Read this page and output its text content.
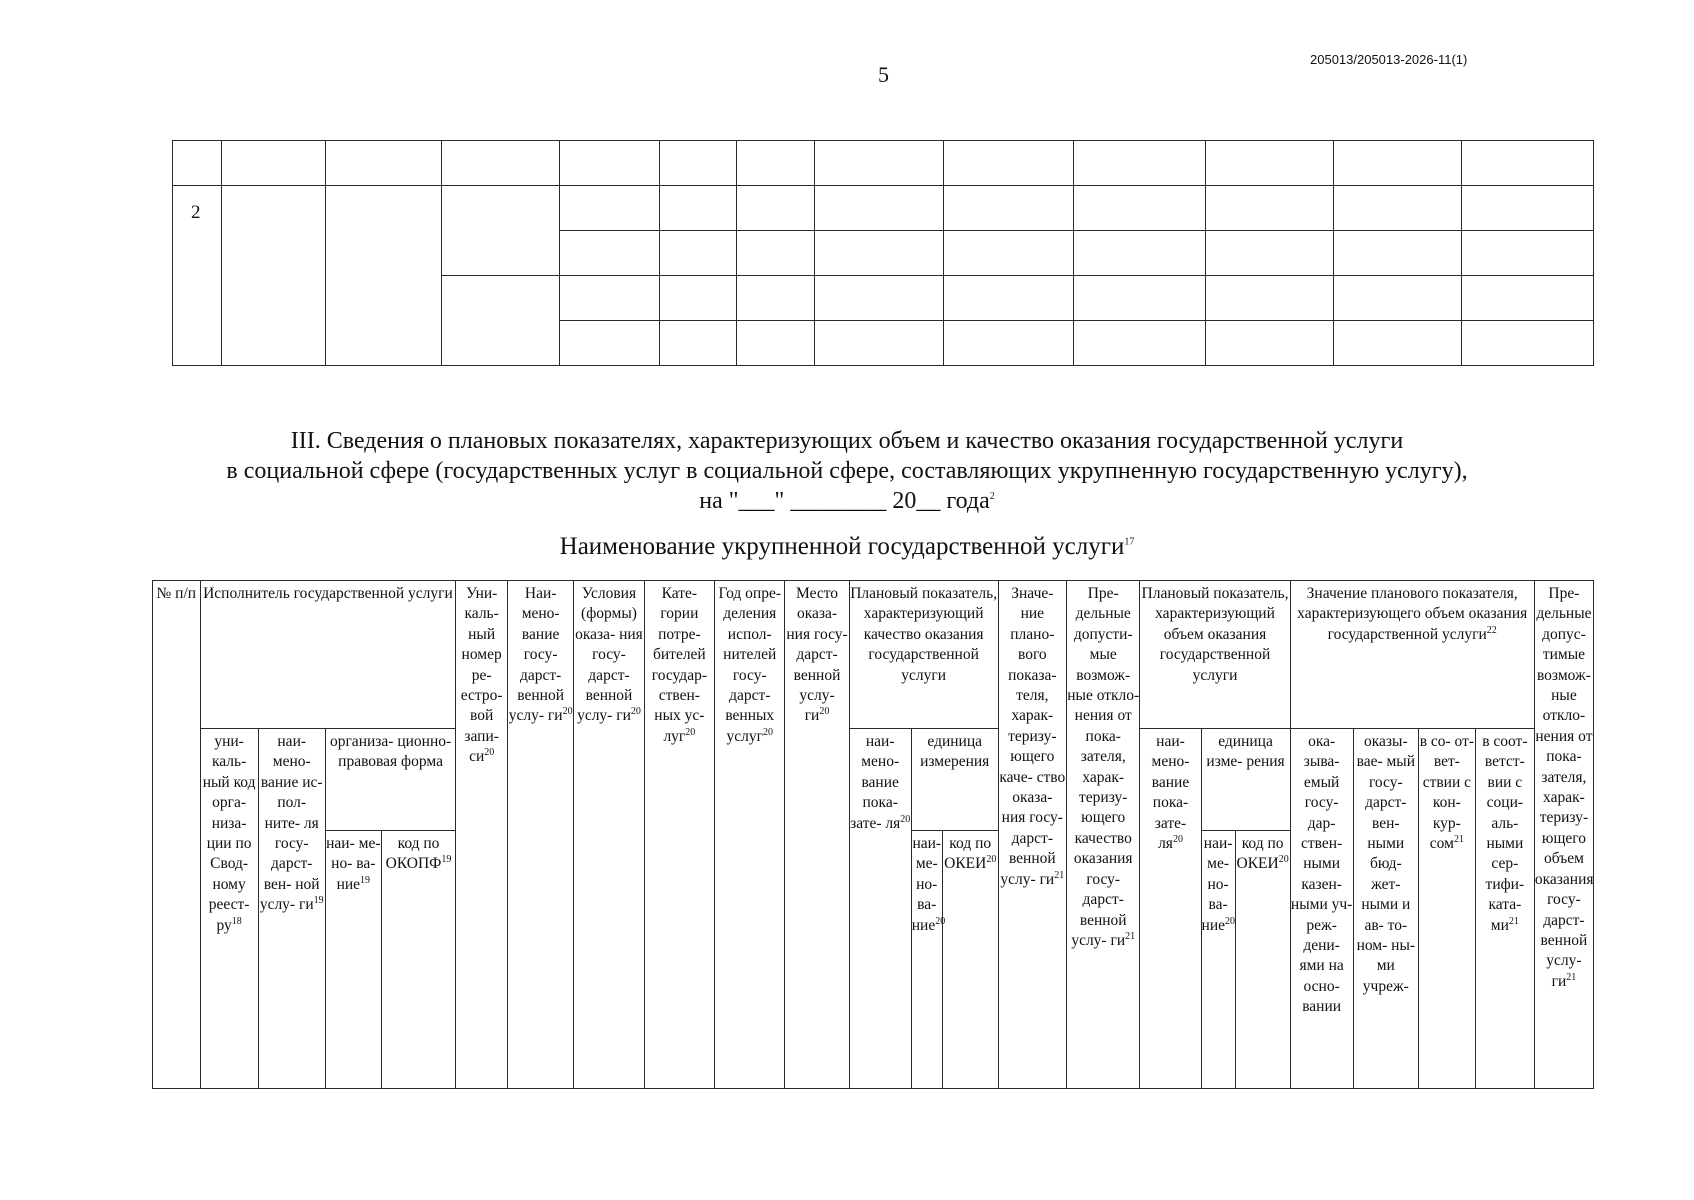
205013/205013-2026-11(1)
5

2												

III. Сведения о плановых показателях, характеризующих объем и качество оказания государственной услуги
в социальной сфере (государственных услуг в социальной сфере, составляющих укрупненную государственную услугу),
на "___" ________ 20__ года$^2$
Наименование укрупненной государственной услуги$^{17}$
№ п/п	Исполнитель государственной услуги				Уни- каль- ный номер ре- естро- вой запи- $си^{20}$	Наи- мено- вание госу- дарст- венной услу- $ги^{20}$	Условия (формы) оказа- ния госу- дарст- венной услу- $ги^{20}$	Кате- гории потре- бителей государ- ствен- ных ус- луг$^{20}$	Год опре- деления испол- нителей госу- дарст- венных услуг$^{20}$	Место оказа- ния госу- дарст- венной услу- $ги^{20}$	Плановый показатель, характеризующий качество оказания государственной услуги			Значе- ние плано- вого показа- теля, харак- теризу- ющего каче- ство оказа- ния госу- дарст- венной услу- $ги^{21}$	Пре- дельные допусти- мые возмож- ные откло- нения от пока- зателя, харак- теризу- ющего качество оказания госу- дарст- венной услу- $ги^{21}$	Плановый показатель, характеризующий объем оказания государственной услуги			Значение планового показателя, характеризующего объем оказания государственной услуги$^{22}$				Пре- дельные допус- тимые возмож- ные откло- нения от пока- зателя, харак- теризу- ющего объем оказания госу- дарст- венной услу- $ги^{21}$
	уни- каль- ный код орга- низа- ции по Свод- ному реест- $ру^{18}$	наи- мено- вание ис- пол- ните- ля госу- дарст- вен- ной услу- $ги^{19}$	организа- ционно- правовая форма								наи- мено- вание пока- зате- $ля^{20}$	единица измерения				наи- мено- вание пока- зате- $ля^{20}$	единица изме- рения		ока- зыва- емый госу- дар- ствен- ными казен- ными уч- реж- дени- ями на осно- вании	оказы- вае- мый госу- дарст- вен- ными бюд- жет- ными и ав- то- ном- ны- ми учреж-	в со- от- вет- ствии с кон- кур- сом$^{21}$	в соот- ветст- вии с соци- аль- ными сер- тифи- ката- $ми^{21}$
			наи- ме- но- ва- ние$^{19}$	код по ОКОПФ$^{19}$								наи- ме- но- ва- ние$^{20}$	код по ОКЕИ$^{20}$				наи- ме- но- ва- ние$^{20}$	код по ОКЕИ$^{20}$
